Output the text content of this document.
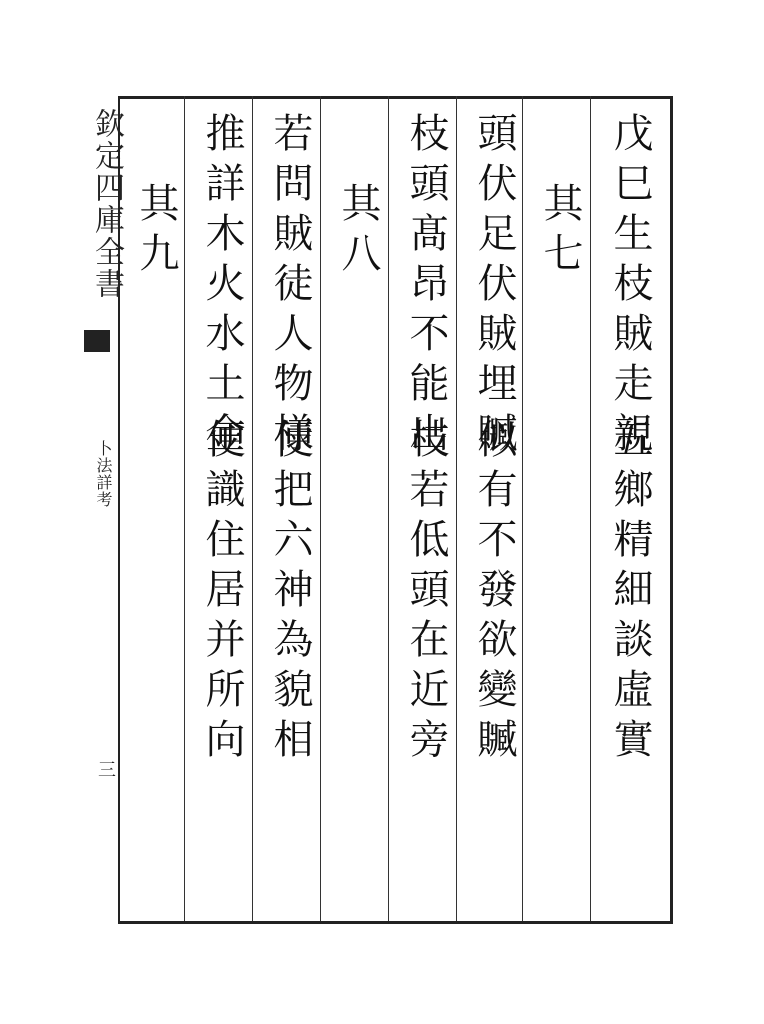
欽定四庫全書
卜法詳考
三
戊巳生枝賊走親
五鄉精細談虛實
其七
頭伏足伏賊埋贓
似有不發欲變贓
枝頭髙昂不能出
枝若低頭在近旁
其八
若問賊徒人物様
便把六神為貌相
推詳木火水土金
便識住居并所向
其九
